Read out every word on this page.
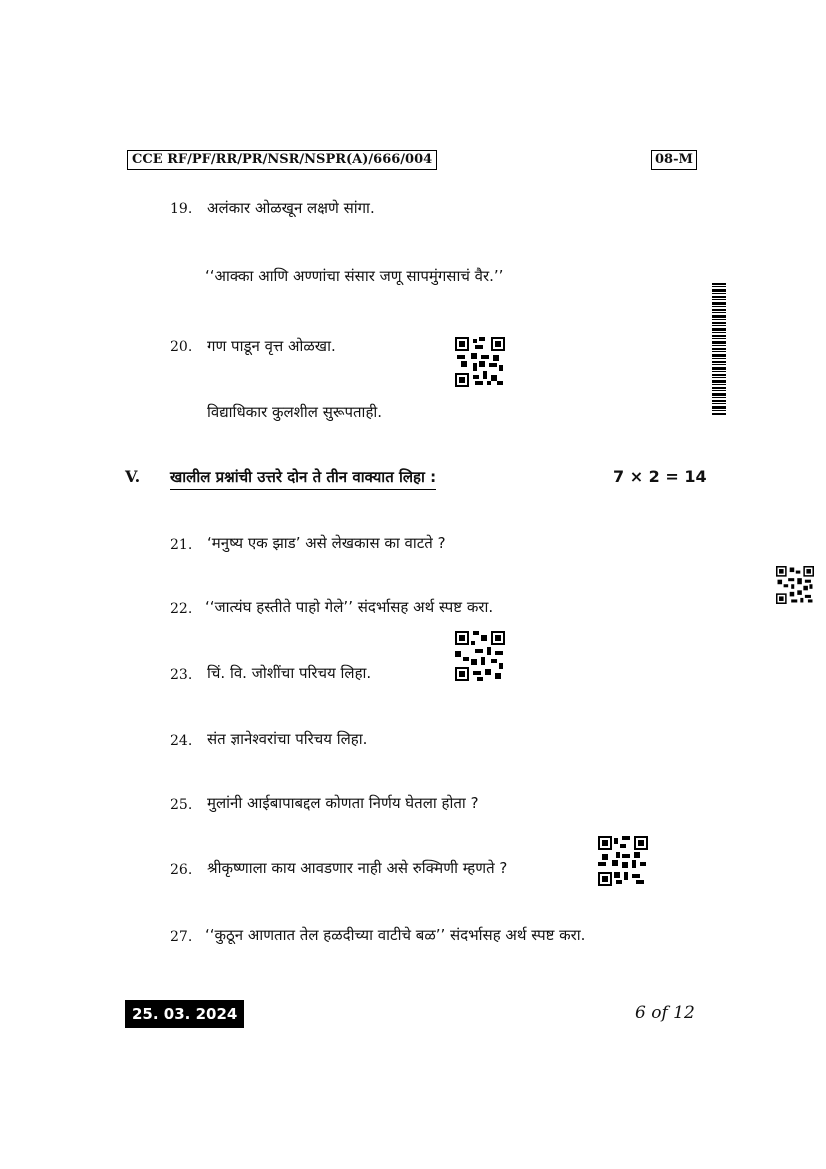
CCE RF/PF/RR/PR/NSR/NSPR(A)/666/004	08-M
19. अलंकार ओळखून लक्षणे सांगा.
‘‘आक्का आणि अण्णांचा संसार जणू सापमुंगसाचं वैर.’’
20. गण पाडून वृत्त ओळखा.
विद्याधिकार कुलशील सुरूपताही.
V. खालील प्रश्नांची उत्तरे दोन ते तीन वाक्यात लिहा :	7 × 2 = 14
21. ‘मनुष्य एक झाड’ असे लेखकास का वाटते ?
22. ‘‘जात्यंघ हस्तीते पाहो गेले’’ संदर्भासह अर्थ स्पष्ट करा.
23. चिं. वि. जोशींचा परिचय लिहा.
24. संत ज्ञानेश्वरांचा परिचय लिहा.
25. मुलांनी आईबापाबद्दल कोणता निर्णय घेतला होता ?
26. श्रीकृष्णाला काय आवडणार नाही असे रुक्मिणी म्हणते ?
27. ‘‘कुठून आणतात तेल हळदीच्या वाटीचे बळ’’ संदर्भासह अर्थ स्पष्ट करा.
25. 03. 2024	6 of 12
